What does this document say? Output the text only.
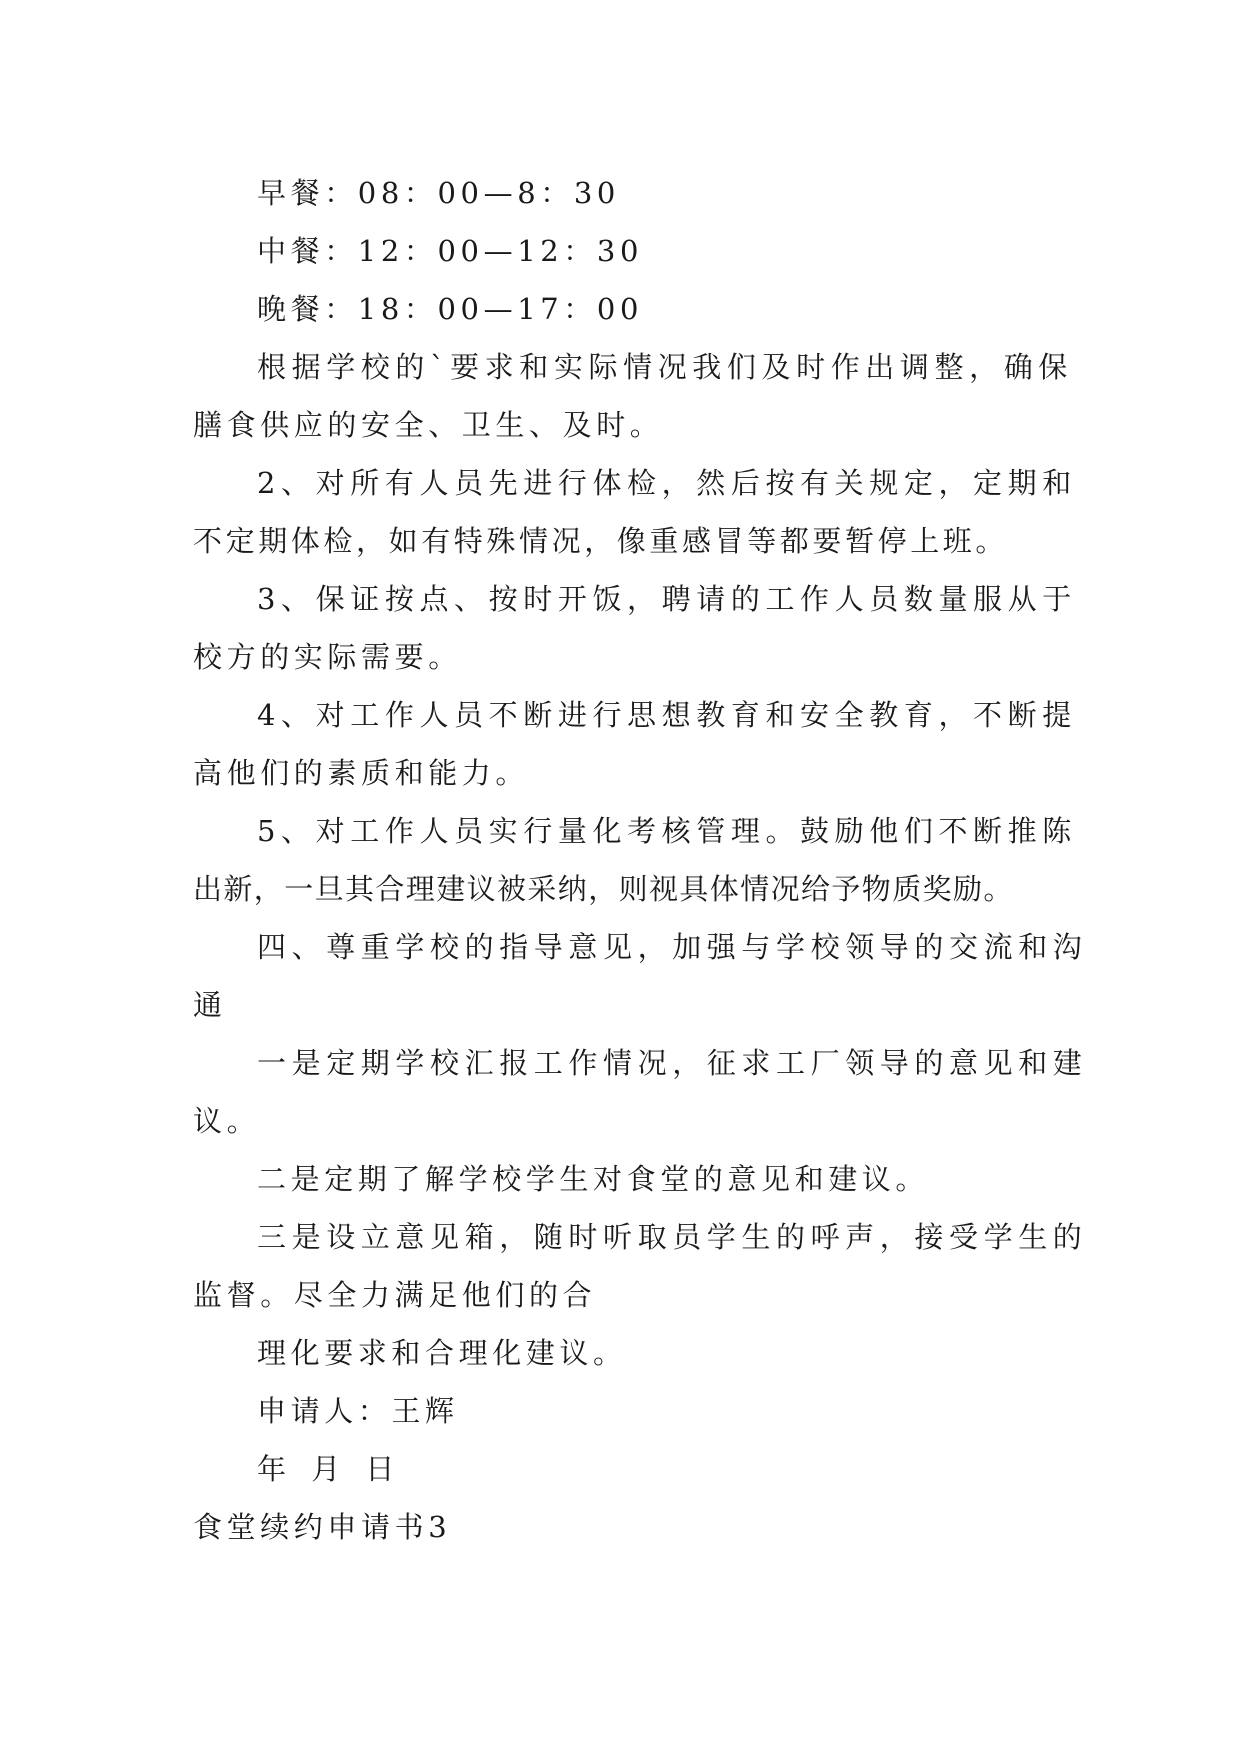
早餐：08：00—8：30
中餐：12：00—12：30
晚餐：18：00—17：00
根据学校的`要求和实际情况我们及时作出调整，确保
膳食供应的安全、卫生、及时。
2、对所有人员先进行体检，然后按有关规定，定期和
不定期体检，如有特殊情况，像重感冒等都要暂停上班。
3、保证按点、按时开饭，聘请的工作人员数量服从于
校方的实际需要。
4、对工作人员不断进行思想教育和安全教育，不断提
高他们的素质和能力。
5、对工作人员实行量化考核管理。鼓励他们不断推陈
出新，一旦其合理建议被采纳，则视具体情况给予物质奖励。
四、尊重学校的指导意见，加强与学校领导的交流和沟
通
一是定期学校汇报工作情况，征求工厂领导的意见和建
议。
二是定期了解学校学生对食堂的意见和建议。
三是设立意见箱，随时听取员学生的呼声，接受学生的
监督。尽全力满足他们的合
理化要求和合理化建议。
申请人：王辉
年 月 日
食堂续约申请书3
